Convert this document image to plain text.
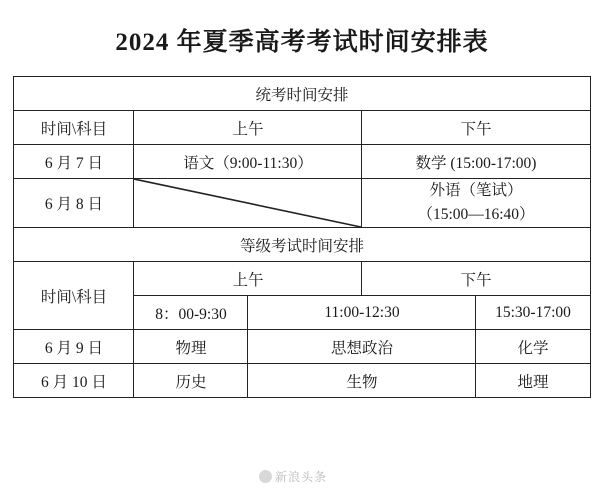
2024 年夏季高考考试时间安排表
统考时间安排				
时间\科目	上午		下午	
6 月 7 日	语文（9:00-11:30）		数学 (15:00-17:00)	
6 月 8 日			外语（笔试）
（15:00—16:40）	

等级考试时间安排				
时间\科目	上午		下午	
	8：00-9:30	11:00-12:30		15:30-17:00
6 月 9 日	物理	思想政治		化学
6 月 10 日	历史	生物		地理
新浪头条
